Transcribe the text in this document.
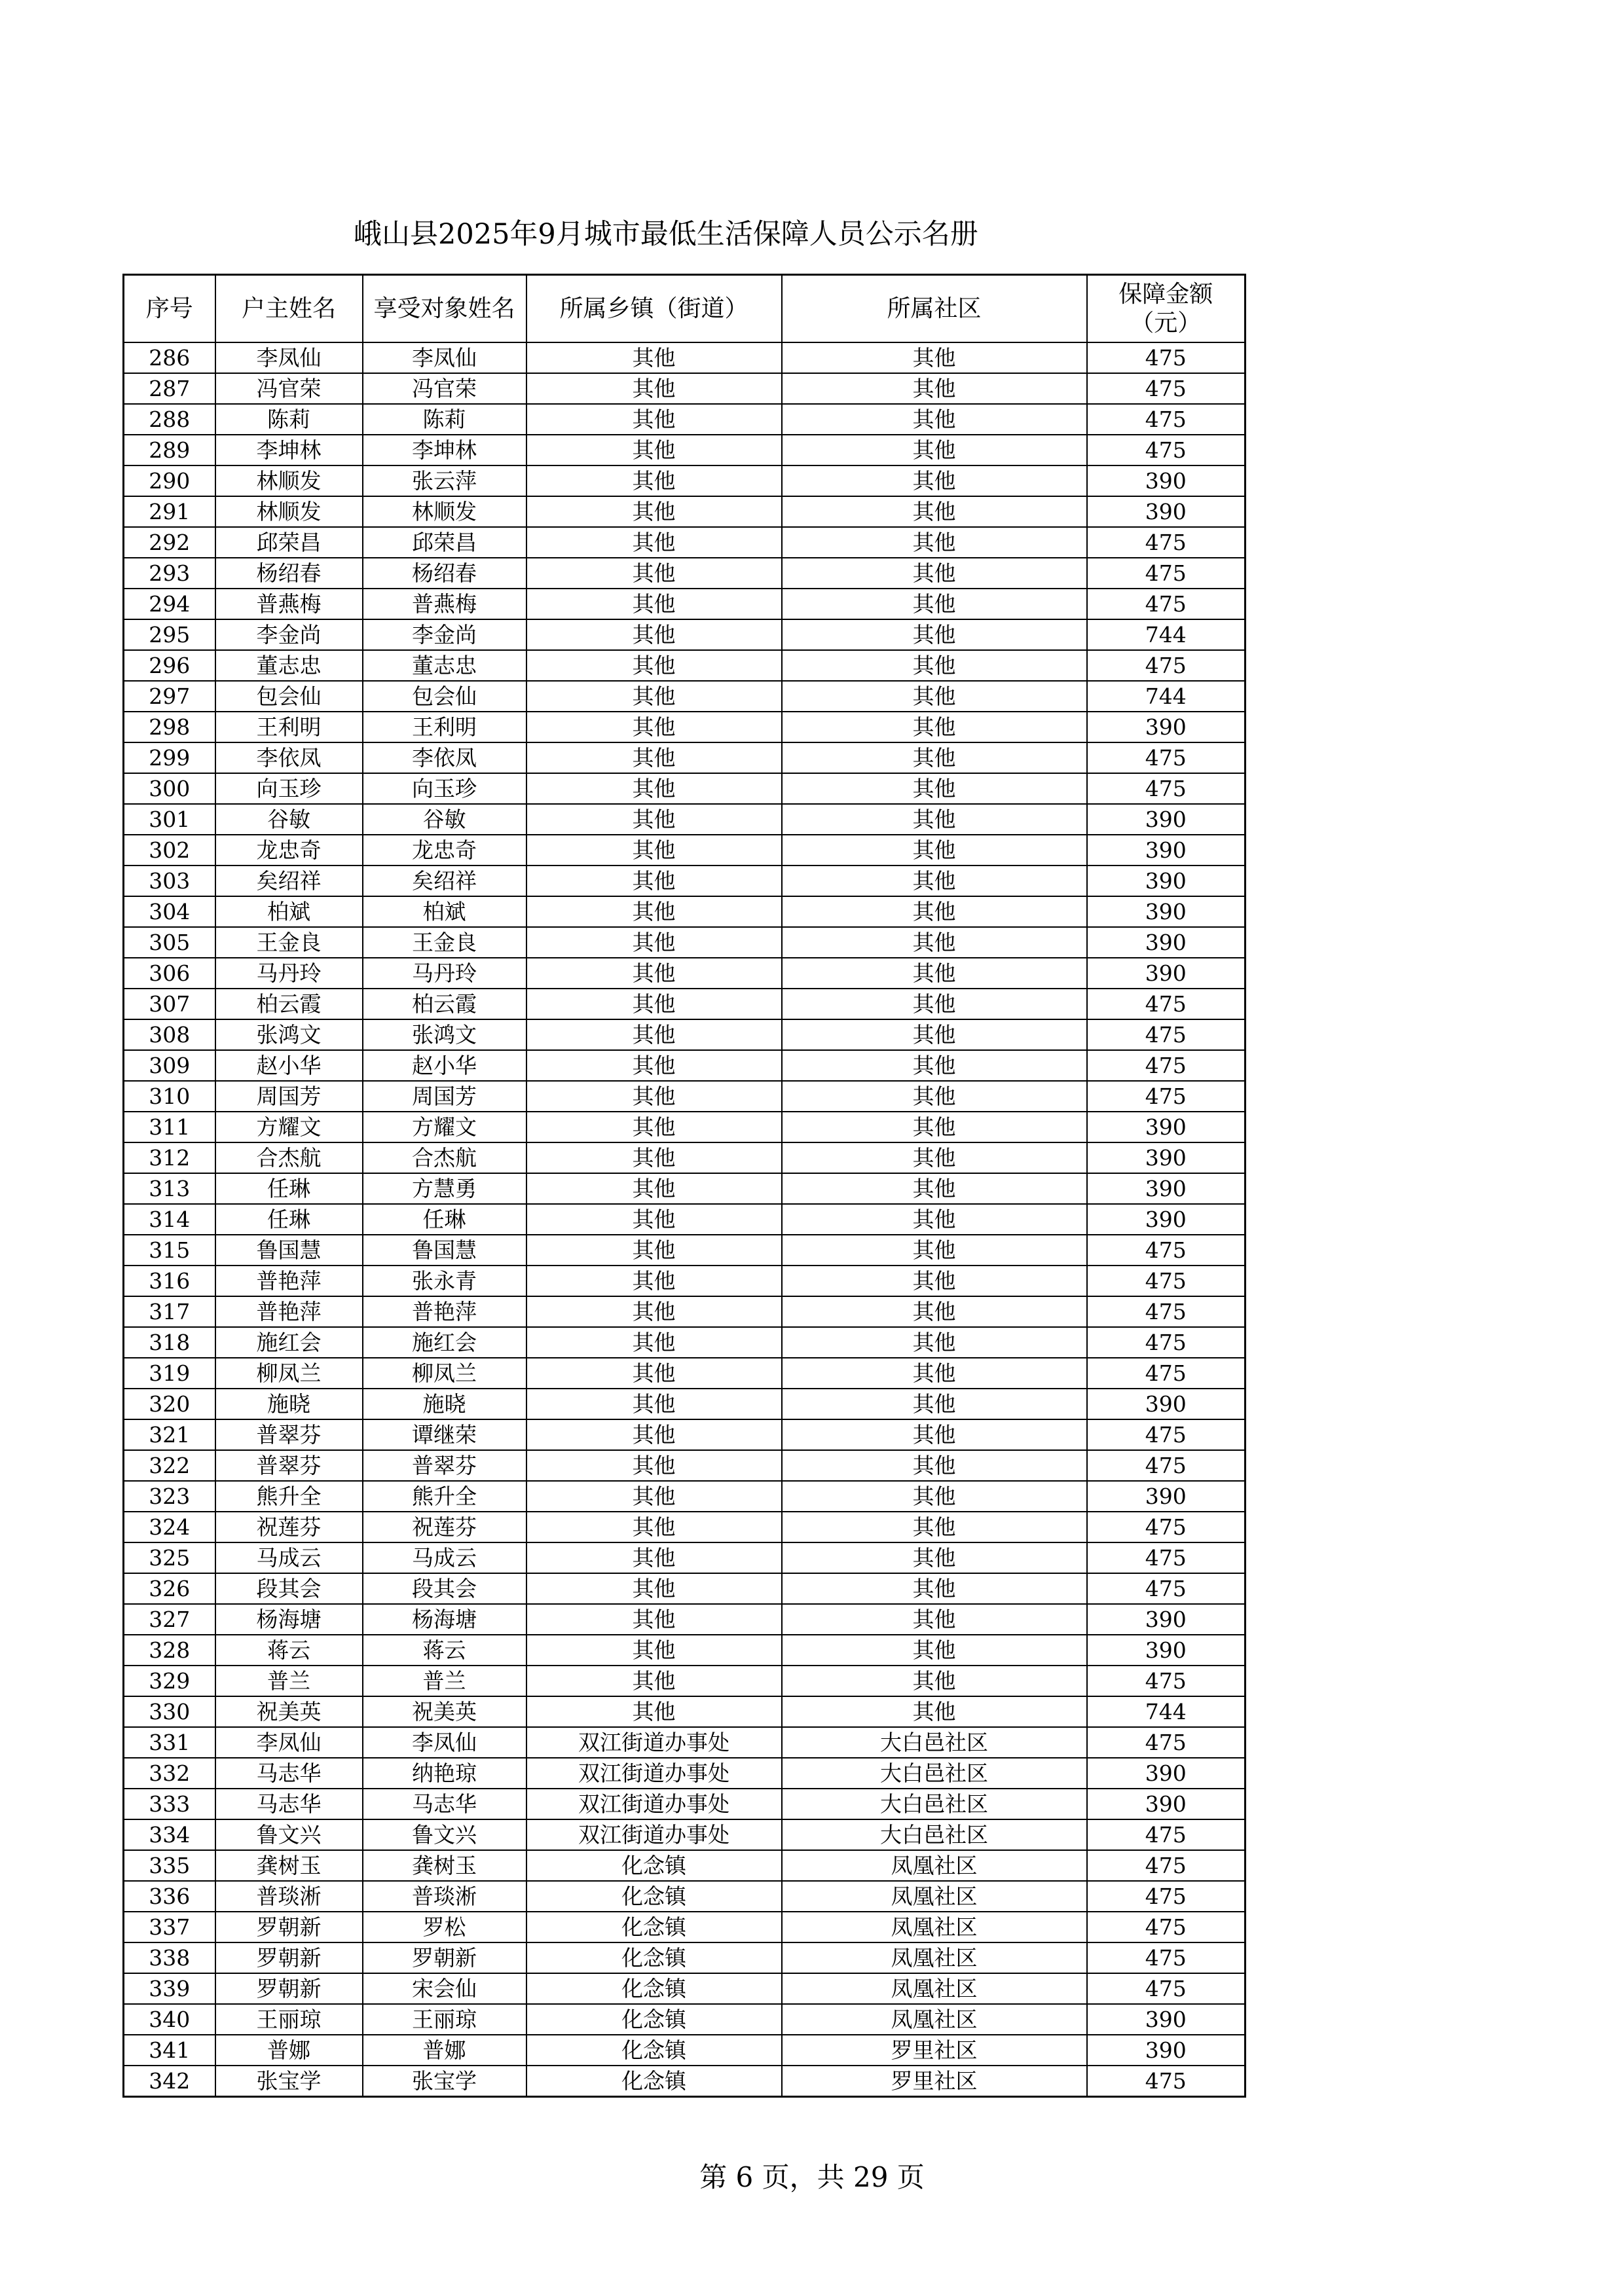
峨山县2025年9月城市最低生活保障人员公示名册
序号	户主姓名	享受对象姓名	所属乡镇（街道）	所属社区	保障金额
（元）
286	李凤仙	李凤仙	其他	其他	475
287	冯官荣	冯官荣	其他	其他	475
288	陈莉	陈莉	其他	其他	475
289	李坤林	李坤林	其他	其他	475
290	林顺发	张云萍	其他	其他	390
291	林顺发	林顺发	其他	其他	390
292	邱荣昌	邱荣昌	其他	其他	475
293	杨绍春	杨绍春	其他	其他	475
294	普燕梅	普燕梅	其他	其他	475
295	李金尚	李金尚	其他	其他	744
296	董志忠	董志忠	其他	其他	475
297	包会仙	包会仙	其他	其他	744
298	王利明	王利明	其他	其他	390
299	李依凤	李依凤	其他	其他	475
300	向玉珍	向玉珍	其他	其他	475
301	谷敏	谷敏	其他	其他	390
302	龙忠奇	龙忠奇	其他	其他	390
303	矣绍祥	矣绍祥	其他	其他	390
304	柏斌	柏斌	其他	其他	390
305	王金良	王金良	其他	其他	390
306	马丹玲	马丹玲	其他	其他	390
307	柏云霞	柏云霞	其他	其他	475
308	张鸿文	张鸿文	其他	其他	475
309	赵小华	赵小华	其他	其他	475
310	周国芳	周国芳	其他	其他	475
311	方耀文	方耀文	其他	其他	390
312	合杰航	合杰航	其他	其他	390
313	任琳	方慧勇	其他	其他	390
314	任琳	任琳	其他	其他	390
315	鲁国慧	鲁国慧	其他	其他	475
316	普艳萍	张永青	其他	其他	475
317	普艳萍	普艳萍	其他	其他	475
318	施红会	施红会	其他	其他	475
319	柳凤兰	柳凤兰	其他	其他	475
320	施晓	施晓	其他	其他	390
321	普翠芬	谭继荣	其他	其他	475
322	普翠芬	普翠芬	其他	其他	475
323	熊升全	熊升全	其他	其他	390
324	祝莲芬	祝莲芬	其他	其他	475
325	马成云	马成云	其他	其他	475
326	段其会	段其会	其他	其他	475
327	杨海塘	杨海塘	其他	其他	390
328	蒋云	蒋云	其他	其他	390
329	普兰	普兰	其他	其他	475
330	祝美英	祝美英	其他	其他	744
331	李凤仙	李凤仙	双江街道办事处	大白邑社区	475
332	马志华	纳艳琼	双江街道办事处	大白邑社区	390
333	马志华	马志华	双江街道办事处	大白邑社区	390
334	鲁文兴	鲁文兴	双江街道办事处	大白邑社区	475
335	龚树玉	龚树玉	化念镇	凤凰社区	475
336	普琰淅	普琰淅	化念镇	凤凰社区	475
337	罗朝新	罗松	化念镇	凤凰社区	475
338	罗朝新	罗朝新	化念镇	凤凰社区	475
339	罗朝新	宋会仙	化念镇	凤凰社区	475
340	王丽琼	王丽琼	化念镇	凤凰社区	390
341	普娜	普娜	化念镇	罗里社区	390
342	张宝学	张宝学	化念镇	罗里社区	475
第 6 页，共 29 页
